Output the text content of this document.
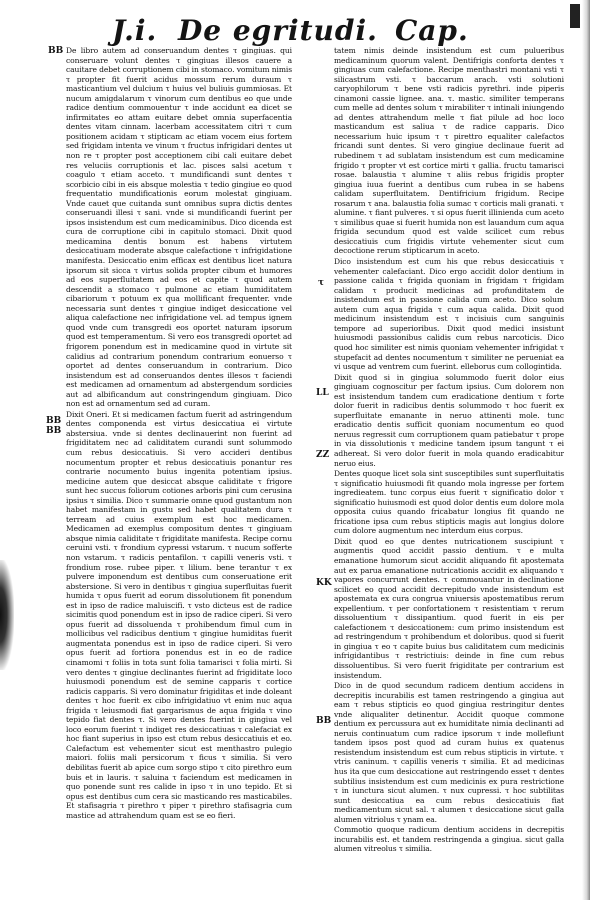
J.i. De egritudi. Cap.
BB
BB
BB
τ
LL
ZZ
KK
BB

De libro autem ad conseruandum dentes τ gingiuas. qui conseruare volunt dentes τ gingiuas illesos cauere a cauitare debet corruptionem cibi in stomaco. vomitum nimis τ propter fit fuerit acidus mossum rerum duraum τ masticantium vel dulcium τ huius vel buliuis gummiosas. Et nucum amigdalarum τ vinorum cum dentibus eo que unde radice dentium commouentur τ inde accidunt ea dicet se infirmitates eo attam euitare debet omnia superfacentia dentes vitam cinnam. lacerbam accessitatem citri τ cum positionem acidam τ stipticam ac etiam vocem eius fortem sed frigidam intenta ve vinum τ fructus infrigidari dentes ut non re τ propter post acceptionem cibi cali euitare debet res veluciis corruptionis et lac. pisces salsi acetum τ coagulo τ etiam acceto. τ mundificandi sunt dentes τ scorbicio cibi in eis absque molestia τ tedio gingiue eo quod frequentatio mundificationis eorum molestat gingiuam. Vnde cauet que cuitanda sunt omnibus supra dictis dentes conseruandi illesi τ sani. vnde si mundificandi fuerint per ipsos insistendum est cum medicaminibus. Dico dicenda est cura de corruptione cibi in capitulo stomaci. Dixit quod medicamina dentis bonum est habens virtutem desiccatiuam moderate absque calefactione τ infrigidatione manifesta. Desiccatio enim efficax est dentibus licet natura ipsorum sit sicca τ virtus solida propter cibum et humores ad eos superfluitatem ad eos et capite τ quod autem descendit a stomaco τ pulmone ac etiam humiditatem cibariorum τ potuum ex qua mollificant frequenter. vnde necessaria sunt dentes τ gingiue indiget desiccatione vel aliqua calefactione nec infrigidatione vel. ad tempus ignem quod vnde cum transgredi eos oportet naturam ipsorum quod est temperamentum. Si vero eos transgredi oportet ad frigorem ponendum est in medicamine quod in virtute sit calidius ad contrarium ponendum contrarium eonuerso τ oportet ad dentes conseruandum in contrarium. Dico insistendum est ad conseruandos dentes illesos τ faciendi est medicamen ad ornamentum ad abstergendum sordicies aut ad albificandum aut constringendum gingiuam. Dico non est ad ornamentum sed ad curam.

Dixit Oneri. Et si medicamen factum fuerit ad astringendum dentes componenda est virtus desiccatiua ei virtute abstersiua. vnde si dentes declinauerint non fuerint ad frigiditatem nec ad caliditatem curandi sunt solummodo cum rebus desiccatiuis. Si vero accideri dentibus nocumentum propter et rebus desiccatiuis ponantur res contrarie nocumento buius ingenita potentiam ipsius. medicine autem que desiccat absque caliditate τ frigore sunt hec succus foliorum cotiones arboris pini cum cerusina ipsius τ similia. Dico τ summarie omne quod gustantum non habet manifestam in gustu sed habet qualitatem dura τ terream ad cuius exemplum est hoc medicamen. Medicamen ad exemplus compositum dentes τ gingiuam absque nimia caliditate τ frigiditate manifesta. Recipe cornu ceruini vsti. τ frondium cypressi vstarum. τ nucum sofferte non vstarum. τ radicis pentafilon. τ capilli veneris vsti. τ frondium rose. rubee piper. τ lilium. bene terantur τ ex pulvere imponendum est dentibus cum conseruatione erit abstersione. Si vero in dentibus τ gingiua superfluitas fuerit humida τ opus fuerit ad eorum dissolutionem fit ponendum est in ipso de radice maluiscifi. τ vsto dicteus est de radice sicimitis quod ponendum est in ipso de radice ciperi. Si vero opus fuerit ad dissoluenda τ prohibendum fimul cum in mollicibus vel radicibus dentium τ gingiue humiditas fuerit augmentata ponendus est in ipso de radice ciperi. Si vero opus fuerit ad fortiora ponendus est in eo de radice cinamomi τ foliis in tota sunt folia tamarisci τ folia mirti. Si vero dentes τ gingiue declinantes fuerint ad frigiditate loco huiusmodi ponendum est de semine capparis τ cortice radicis capparis. Si vero dominatur frigiditas et inde doleant dentes τ hoc fuerit ex cibo infrigidatiuo vt enim nuc aqua frigida τ leiusmodi fiat gargarismus de aqua frigida τ vino tepido fiat dentes τ. Si vero dentes fuerint in gingiua vel loco eorum fuerint τ indiget res desiccatiuas τ calefaciat ex hoc fiant superius in ipso est ctum rebus desiccatiuis et eo. Calefactum est vehementer sicut est menthastro pulegio maiori. foliis mali persicorum τ ficus τ similia. Si vero debilitas fuerit ab apice cum sorgo stipo τ cito pirethro eum buis et in lauris. τ saluina τ faciendum est medicamen in quo ponende sunt res calide in ipso τ in uno tepido. Et si opus est dentibus cum cera sic masticando res masticabiles. Et stafisagria τ pirethro τ piper τ pirethro stafisagria cum mastice ad attrahendum quam est se eo fieri.

tatem nimis deinde insistendum est cum pulueribus medicaminum quorum valent. Dentifrigis conforta dentes τ gingiuas cum calefactione. Recipe menthastri montani vsti τ silicastrum vsti. τ baccarum arach. vsti solutioni caryophilorum τ bene vsti radicis pyrethri. inde piperis cinamoni cassie lignee. ana. τ. mastic. similiter temperans cum melle ad dentes solum τ mirabiliter τ intinali iniungendo ad dentes attrahendum melle τ fiat pilule ad hoc loco masticandum est saliua τ de radice capparis. Dico necessarium huic ipsum τ τ pirettro equaliter calefactos fricandi sunt dentes. Si vero gingiue declinaue fuerit ad rubedinem τ ad sublatam insistendum est cum medicamine frigido τ propter vt est cortice mirti τ gallia. fructu tamarisci rosae. balaustia τ alumine τ aliis rebus frigidis propter gingiua iuua fuerint a dentibus cum rubea in se habens calidam superfluitatem. Dentifricium frigidum. Recipe rosarum τ ana. balaustia folia sumac τ corticis mali granati. τ alumine. τ fiant pulveres. τ si opus fuerit illinienda cum aceto τ similibus quae si fuerit humida non est lauandum cum aqua frigida secundum quod est valde scilicet cum rebus desiccatiuis cum frigidis virtute vehementer sicut cum decoctione rerum stipticarum in aceto.

Dico insistendum est cum his que rebus desiccatiuis τ vehementer calefaciant. Dico ergo accidit dolor dentium in passione calida τ frigida quoniam in frigidam τ frigidam calidam τ producit medicinas ad profunditatem de insistendum est in passione calida cum aceto. Dico solum autem cum aqua frigida τ cum aqua calida. Dixit quod medicinum insistendum est τ incisiuis cum sanguinis tempore ad superioribus. Dixit quod medici insistunt huiusmodi passionibus calidis cum rebus narcoticis. Dico quod hoc similiter est nimis quoniam vehementer infrigidat τ stupefacit ad dentes nocumentum τ similiter ne perueniat ea vi usque ad ventrem cum fuerint. elleborus cum collogintida.

Dixit quod si in gingiua solummodo fuerit dolor eius gingiuam cognoscitur per factum ipsius. Cum dolorem non est insistendum tandem cum eradicatione dentium τ forte dolor fuerit in radicibus dentis solummodo τ hoc fuerit ex superfluitate emanante in neruo attinenti mole. tunc eradicatio dentis sufficit quoniam nocumentum eo quod neruus regressit cum corruptionem quam patiebatur τ prope in via dissolutionis τ medicine tandem ipsum tangunt τ ei adhereat. Si vero dolor fuerit in mola quando eradicabitur neruo eius.

Dentes quoque licet sola sint susceptibiles sunt superfluitatis τ significatio huiusmodi fit quando mola ingresse per fortem ingredieatem. tunc corpus eius fuerit τ significatio dolor τ significatio huiusmodi est quod dolor dentis eum dolore mola opposita cuius quando fricabatur longius fit quando ne fricatione ipsa cum rebus stipticis magis aut longius dolore cum dolore augmentum nec interdum eius corpus.

Dixit quod eo que dentes nutricationem suscipiunt τ augmentis quod accidit passio dentium. τ e multa emanatione humorum sicut accidit aliquando fit apostemata aut ex parua emanatione nutricationis accidit ex aliquando τ vapores concurrunt dentes. τ commouantur in declinatione scilicet eo quod accidit decrepitudo vnde insistendum est apostemata ex cura congrua vniuersis apostematibus rerum expellentium. τ per confortationem τ resistentiam τ rerum dissoluentium τ dissipantium. quod fuerit in eis per calefactionem τ desiccationem: cum primo insistendum est ad restringendum τ prohibendum et doloribus. quod si fuerit in gingiua τ eo τ capite buius bus caliditatem cum medicinis infrigidantibus τ restrictiuis: deinde in fine cum rebus dissoluentibus. Si vero fuerit frigiditate per contrarium est insistendum.

Dico in de quod secundum radicem dentium accidens in decrepitis incurabilis est tamen restringendo a gingiua aut eam τ rebus stipticis eo quod gingiua restringitur dentes vnde aliqualiter detinentur. Accidit quoque commone dentium ex percussura aut ex humiditate nimia declinanti ad neruis continuatum cum radice ipsorum τ inde mollefiunt tandem ipsos post quod ad curam huius ex quatenus resistendum insistendum est cum rebus stipticis in virtute. τ vtris caninum. τ capillis veneris τ similia. Et ad medicinas hus ita que cum desiccatione aut restringendo esset τ dentes subtilius insistendum est cum medicinis ex pura restrictione τ in iunctura sicut alumen. τ nux cupressi. τ hoc subtilitas sunt desiccatiua ea cum rebus desiccatiuis fiat medicamentum sicut sal. τ alumen τ desiccatione sicut galla alumen vitriolus τ ynam ea.

Commotio quoque radicum dentium accidens in decrepitis incurabilis est. et tandem restringenda a gingiua. sicut galla alumen vitreolus τ similia.
